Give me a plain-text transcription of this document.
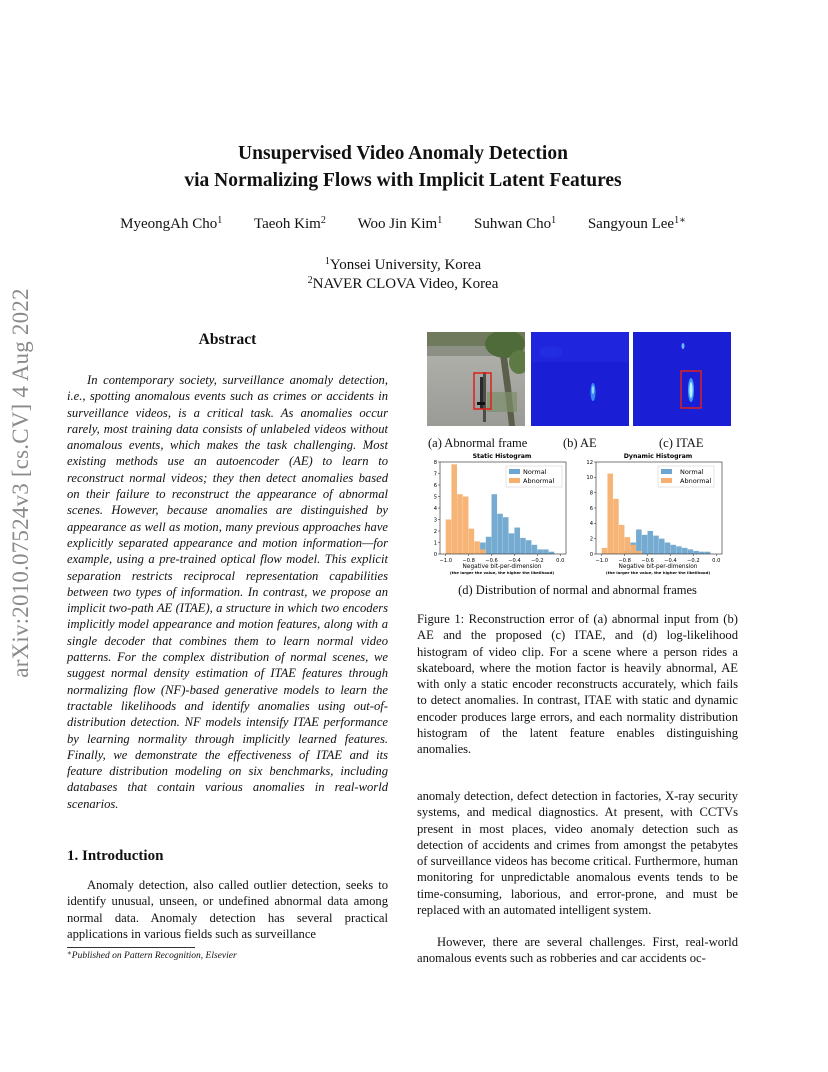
arXiv:2010.07524v3 [cs.CV] 4 Aug 2022
Unsupervised Video Anomaly Detection
via Normalizing Flows with Implicit Latent Features
MyeongAh Cho$^1$ Taeoh Kim$^2$ Woo Jin Kim$^1$ Suhwan Cho$^1$ Sangyoun Lee$^{1∗}$
$^1$Yonsei University, Korea
$^2$NAVER CLOVA Video, Korea
Abstract
In contemporary society, surveillance anomaly detection, i.e., spotting anomalous events such as crimes or accidents in surveillance videos, is a critical task. As anomalies occur rarely, most training data consists of unlabeled videos without anomalous events, which makes the task challenging. Most existing methods use an autoencoder (AE) to learn to reconstruct normal videos; they then detect anomalies based on their failure to reconstruct the appearance of abnormal scenes. However, because anomalies are distinguished by appearance as well as motion, many previous approaches have explicitly separated appearance and motion information—for example, using a pre-trained optical flow model. This explicit separation restricts reciprocal representation capabilities between two types of information. In contrast, we propose an implicit two-path AE (ITAE), a structure in which two encoders implicitly model appearance and motion features, along with a single decoder that combines them to learn normal video patterns. For the complex distribution of normal scenes, we suggest normal density estimation of ITAE features through normalizing flow (NF)-based generative models to learn the tractable likelihoods and identify anomalies using out-of-distribution detection. NF models intensify ITAE performance by learning normality through implicitly learned features. Finally, we demonstrate the effectiveness of ITAE and its feature distribution modeling on six benchmarks, including databases that contain various anomalies in real-world scenarios.
1. Introduction
Anomaly detection, also called outlier detection, seeks to identify unusual, unseen, or undefined abnormal data among normal data. Anomaly detection has several practical applications in various fields such as surveillance
∗Published on Pattern Recognition, Elsevier
(a) Abnormal frame	(b) AE	(c) ITAE
Static Histogram
0
1
2
3
4
5
6
7
8
−1.0 −0.8 −0.6 −0.4 −0.2 0.0
Normal
Abnormal
Negative bit-per-dimension
(the larger the value, the higher the likelihood)
Dynamic Histogram
0
2
4
6
8
10
12
−1.0 −0.8 −0.6 −0.4 −0.2 0.0
Normal
Abnormal
Negative bit-per-dimension
(the larger the value, the higher the likelihood)
(d) Distribution of normal and abnormal frames
Figure 1: Reconstruction error of (a) abnormal input from (b) AE and the proposed (c) ITAE, and (d) log-likelihood histogram of video clip. For a scene where a person rides a skateboard, where the motion factor is heavily abnormal, AE with only a static encoder reconstructs accurately, which fails to detect anomalies. In contrast, ITAE with static and dynamic encoder produces large errors, and each normality distribution histogram of the latent feature enables distinguishing anomalies.
anomaly detection, defect detection in factories, X-ray security systems, and medical diagnostics. At present, with CCTVs present in most places, video anomaly detection such as detection of accidents and crimes from amongst the petabytes of surveillance videos has become critical. Furthermore, human monitoring for unpredictable anomalous events tends to be time-consuming, laborious, and error-prone, and must be replaced with an automated intelligent system.
However, there are several challenges. First, real-world anomalous events such as robberies and car accidents oc-
